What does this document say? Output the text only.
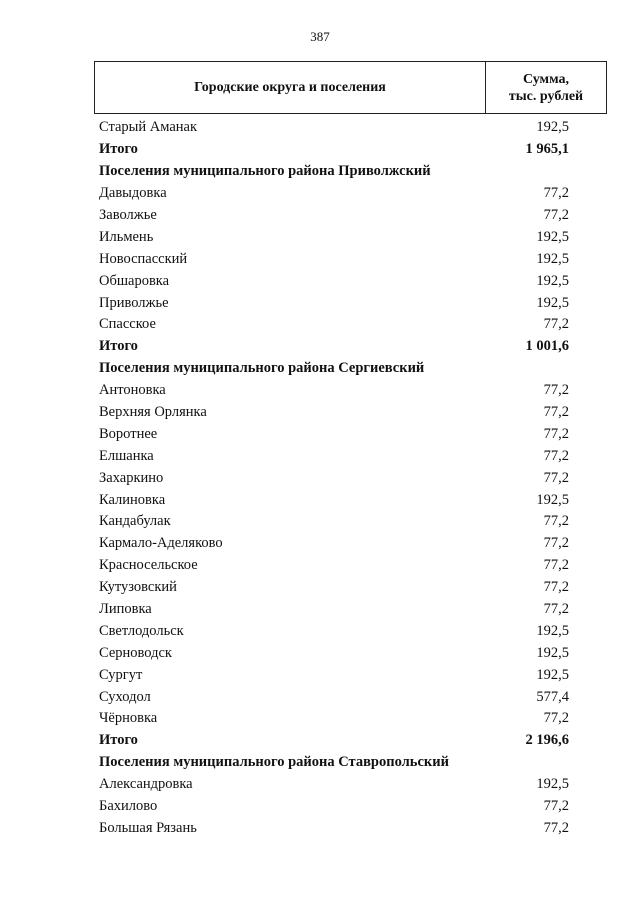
387
Городские округа и поселения
Сумма,
тыс. рублей
Старый Аманак	192,5
Итого	1 965,1
Поселения муниципального района Приволжский
Давыдовка	77,2
Заволжье	77,2
Ильмень	192,5
Новоспасский	192,5
Обшаровка	192,5
Приволжье	192,5
Спасское	77,2
Итого	1 001,6
Поселения муниципального района Сергиевский
Антоновка	77,2
Верхняя Орлянка	77,2
Воротнее	77,2
Елшанка	77,2
Захаркино	77,2
Калиновка	192,5
Кандабулак	77,2
Кармало-Аделяково	77,2
Красносельское	77,2
Кутузовский	77,2
Липовка	77,2
Светлодольск	192,5
Серноводск	192,5
Сургут	192,5
Суходол	577,4
Чёрновка	77,2
Итого	2 196,6
Поселения муниципального района Ставропольский
Александровка	192,5
Бахилово	77,2
Большая Рязань	77,2
